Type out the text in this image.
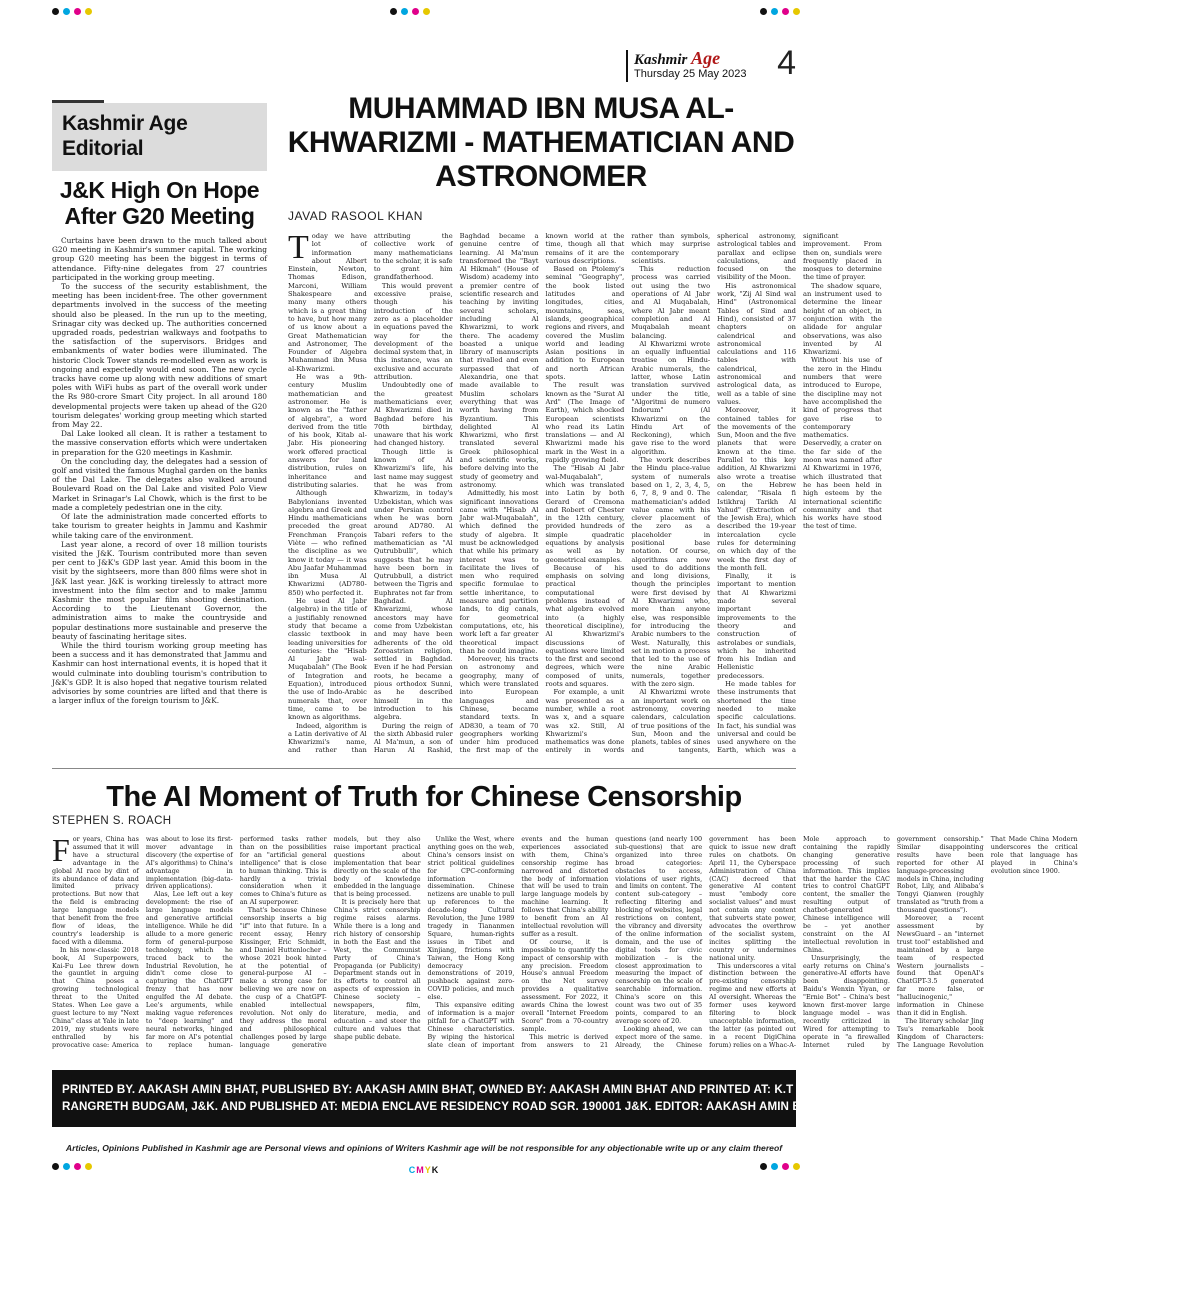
Kashmir Age
Thursday 25 May 2023 4
Kashmir Age Editorial
J&K High On Hope After G20 Meeting

Curtains have been drawn to the much talked about G20 meeting in Kashmir's summer capital. The working group G20 meeting has been the biggest in terms of attendance. Fifty-nine delegates from 27 countries participated in the working group meeting.

To the success of the security establishment, the meeting has been incident-free. The other government departments involved in the success of the meeting should also be pleased. In the run up to the meeting, Srinagar city was decked up. The authorities concerned upgraded roads, pedestrian walkways and footpaths to the satisfaction of the supervisors. Bridges and embankments of water bodies were illuminated. The historic Clock Tower stands re-modelled even as work is ongoing and expectedly would end soon. The new cycle tracks have come up along with new additions of smart poles with WiFi hubs as part of the overall work under the Rs 980-crore Smart City project. In all around 180 developmental projects were taken up ahead of the G20 tourism delegates' working group meeting which started from May 22.

Dal Lake looked all clean. It is rather a testament to the massive conservation efforts which were undertaken in preparation for the G20 meetings in Kashmir.

On the concluding day, the delegates had a session of golf and visited the famous Mughal garden on the banks of the Dal Lake. The delegates also walked around Boulevard Road on the Dal Lake and visited Polo View Market in Srinagar's Lal Chowk, which is the first to be made a completely pedestrian one in the city.

Of late the administration made concerted efforts to take tourism to greater heights in Jammu and Kashmir while taking care of the environment.

Last year alone, a record of over 18 million tourists visited the J&K. Tourism contributed more than seven per cent to J&K's GDP last year. Amid this boom in the visit by the sightseers, more than 800 films were shot in J&K last year. J&K is working tirelessly to attract more investment into the film sector and to make Jammu Kashmir the most popular film shooting destination. According to the Lieutenant Governor, the administration aims to make the countryside and popular destinations more sustainable and preserve the beauty of fascinating heritage sites.

While the third tourism working group meeting has been a success and it has demonstrated that Jammu and Kashmir can host international events, it is hoped that it would culminate into doubling tourism's contribution to J&K's GDP. It is also hoped that negative tourism related advisories by some countries are lifted and that there is a larger influx of the foreign tourism to J&K.

MUHAMMAD IBN MUSA AL-KHWARIZMI - MATHEMATICIAN AND ASTRONOMER
JAVAD RASOOL KHAN

Today we have lot of information about Albert Einstein, Newton, Thomas Edison, Marconi, William Shakespeare and many many others which is a great thing to have, but how many of us know about a Great Mathematician and Astronomer, The Founder of Algebra Muhammad ibn Musa al-Khwarizmi.

He was a 9th-century Muslim mathematician and astronomer. He is known as the "father of algebra", a word derived from the title of his book, Kitab al-Jabr. His pioneering work offered practical answers for land distribution, rules on inheritance and distributing salaries.

Although Babylonians invented algebra and Greek and Hindu mathematicians preceded the great Frenchman François Viète — who refined the discipline as we know it today — it was Abu Jaafar Muhammad ibn Musa Al Khwarizmi (AD780-850) who perfected it.

He used Al Jabr (algebra) in the title of a justifiably renowned study that became a classic textbook in leading universities for centuries: the "Hisab Al Jabr wal-Muqabalah" (The Book of Integration and Equation), introduced the use of Indo-Arabic numerals that, over time, came to be known as algorithms.

Indeed, algorithm is a Latin derivative of Al Khwarizmi's name, and rather than attributing the collective work of many mathematicians to the scholar, it is safe to grant him grandfatherhood.

This would prevent excessive praise, though his introduction of the zero as a placeholder in equations paved the way for the development of the decimal system that, in this instance, was an exclusive and accurate attribution.

Undoubtedly one of the greatest mathematicians ever, Al Khwarizmi died in Baghdad before his 70th birthday, unaware that his work had changed history.

Though little is known of Al Khwarizmi's life, his last name may suggest that he was from Khwarizm, in today's Uzbekistan, which was under Persian control when he was born around AD780. Al Tabari refers to the mathematician as "Al Qutrubbulli", which suggests that he may have been born in Qutrubbull, a district between the Tigris and Euphrates not far from Baghdad. Al Khwarizmi, whose ancestors may have come from Uzbekistan and may have been adherents of the old Zoroastrian religion, settled in Baghdad. Even if he had Persian roots, he became a pious orthodox Sunni, as he described himself in the introduction to his algebra.

During the reign of the sixth Abbasid ruler Al Ma'mun, a son of Harun Al Rashid, Baghdad became a genuine centre of learning. Al Ma'mun transformed the "Bayt Al Hikmah" (House of Wisdom) academy into a premier centre of scientific research and teaching by inviting several scholars, including Al Khwarizmi, to work there. The academy boasted a unique library of manuscripts that rivalled and even surpassed that of Alexandria, one that made available to Muslim scholars everything that was worth having from Byzantium. This delighted Al Khwarizmi, who first translated several Greek philosophical and scientific works, before delving into the study of geometry and astronomy.

Admittedly, his most significant innovations came with "Hisab Al Jabr wal-Muqabalah", which defined the study of algebra. It must be acknowledged that while his primary interest was to facilitate the lives of men who required specific formulae to settle inheritance, to measure and partition lands, to dig canals, for geometrical computations, etc, his work left a far greater theoretical impact than he could imagine.

Moreover, his tracts on astronomy and geography, many of which were translated into European languages and Chinese, became standard texts. In AD830, a team of 70 geographers working under him produced the first map of the known world at the time, though all that remains of it are the various descriptions.

Based on Ptolemy's seminal "Geography", the book listed latitudes and longitudes, cities, mountains, seas, islands, geographical regions and rivers, and covered the Muslim world and leading Asian positions in addition to European and north African spots.

The result was known as the "Surat Al Ard" (The Image of Earth), which shocked European scientists who read its Latin translations — and Al Khwarizmi made his mark in the West in a rapidly growing field.

The "Hisab Al Jabr wal-Muqabalah", which was translated into Latin by both Gerard of Cremona and Robert of Chester in the 12th century, provided hundreds of simple quadratic equations by analysis as well as by geometrical examples.

Because of his emphasis on solving practical computational problems instead of what algebra evolved into (a highly theoretical discipline), Al Khwarizmi's discussions of equations were limited to the first and second degrees, which were composed of units, roots and squares.

For example, a unit was presented as a number, while a root was x, and a square was x2. Still, Al Khwarizmi's mathematics was done entirely in words rather than symbols, which may surprise contemporary scientists.

This reduction process was carried out using the two operations of Al Jabr and Al Muqabalah, where Al Jabr meant completion and Al Muqabalah meant balancing.

Al Khwarizmi wrote an equally influential treatise on Hindu-Arabic numerals, the latter, whose Latin translation survived under the title, "Algoritmi de numero Indorum" (Al Khwarizmi on the Hindu Art of Reckoning), which gave rise to the word algorithm.

The work describes the Hindu place-value system of numerals based on 1, 2, 3, 4, 5, 6, 7, 8, 9 and 0. The mathematician's added value came with his clever placement of the zero as a placeholder in positional base notation. Of course, algorithms are now used to do additions and long divisions, though the principles were first devised by Al Khwarizmi who, more than anyone else, was responsible for introducing the Arabic numbers to the West. Naturally, this set in motion a process that led to the use of the nine Arabic numerals, together with the zero sign.

Al Khwarizmi wrote an important work on astronomy, covering calendars, calculation of true positions of the Sun, Moon and the planets, tables of sines and tangents, spherical astronomy, astrological tables and parallax and eclipse calculations, and focused on the visibility of the Moon.

His astronomical work, "Zij Al Sind wal Hind" (Astronomical Tables of Sind and Hind), consisted of 37 chapters on calendrical and astronomical calculations and 116 tables with calendrical, astronomical and astrological data, as well as a table of sine values.

Moreover, it contained tables for the movements of the Sun, Moon and the five planets that were known at the time. Parallel to this key addition, Al Khwarizmi also wrote a treatise on the Hebrew calendar, "Risala fi Istikhraj Tarikh Al Yahud" (Extraction of the Jewish Era), which described the 19-year intercalation cycle rules for determining on which day of the week the first day of the month fell.

Finally, it is important to mention that Al Khwarizmi made several important improvements to the theory and construction of astrolabes or sundials, which he inherited from his Indian and Hellenistic predecessors.

He made tables for these instruments that shortened the time needed to make specific calculations. In fact, his sundial was universal and could be used anywhere on the Earth, which was a significant improvement. From then on, sundials were frequently placed in mosques to determine the time of prayer.

The shadow square, an instrument used to determine the linear height of an object, in conjunction with the alidade for angular observations, was also invented by Al Khwarizmi.

Without his use of the zero in the Hindu numbers that were introduced to Europe, the discipline may not have accomplished the kind of progress that gave rise to contemporary mathematics. Deservedly, a crater on the far side of the moon was named after Al Khwarizmi in 1976, which illustrated that he has been held in high esteem by the international scientific community and that his works have stood the test of time.

The AI Moment of Truth for Chinese Censorship
STEPHEN S. ROACH

For years, China has assumed that it will have a structural advantage in the global AI race by dint of its abundance of data and limited privacy protections. But now that the field is embracing large language models that benefit from the free flow of ideas, the country's leadership is faced with a dilemma.

In his now-classic 2018 book, AI Superpowers, Kai-Fu Lee threw down the gauntlet in arguing that China poses a growing technological threat to the United States. When Lee gave a guest lecture to my "Next China" class at Yale in late 2019, my students were enthralled by his provocative case: America was about to lose its first-mover advantage in discovery (the expertise of AI's algorithms) to China's advantage in implementation (big-data-driven applications).

Alas, Lee left out a key development: the rise of large language models and generative artificial intelligence. While he did allude to a more generic form of general-purpose technology, which he traced back to the Industrial Revolution, he didn't come close to capturing the ChatGPT frenzy that has now engulfed the AI debate. Lee's arguments, while making vague references to "deep learning" and neural networks, hinged far more on AI's potential to replace human-performed tasks rather than on the possibilities for an "artificial general intelligence" that is close to human thinking. This is hardly a trivial consideration when it comes to China's future as an AI superpower.

That's because Chinese censorship inserts a big "if" into that future. In a recent essay, Henry Kissinger, Eric Schmidt, and Daniel Huttenlocher – whose 2021 book hinted at the potential of general-purpose AI – make a strong case for believing we are now on the cusp of a ChatGPT-enabled intellectual revolution. Not only do they address the moral and philosophical challenges posed by large language generative models, but they also raise important practical questions about implementation that bear directly on the scale of the body of knowledge embedded in the language that is being processed.

It is precisely here that China's strict censorship regime raises alarms. While there is a long and rich history of censorship in both the East and the West, the Communist Party of China's Propaganda (or Publicity) Department stands out in its efforts to control all aspects of expression in Chinese society – newspapers, film, literature, media, and education – and steer the culture and values that shape public debate.

Unlike the West, where anything goes on the web, China's censors insist on strict political guidelines for CPC-conforming information dissemination. Chinese netizens are unable to pull up references to the decade-long Cultural Revolution, the June 1989 tragedy in Tiananmen Square, human-rights issues in Tibet and Xinjiang, frictions with Taiwan, the Hong Kong democracy demonstrations of 2019, pushback against zero-COVID policies, and much else.

This expansive editing of information is a major pitfall for a ChatGPT with Chinese characteristics. By wiping the historical slate clean of important events and the human experiences associated with them, China's censorship regime has narrowed and distorted the body of information that will be used to train large language models by machine learning. It follows that China's ability to benefit from an AI intellectual revolution will suffer as a result.

Of course, it is impossible to quantify the impact of censorship with any precision. Freedom House's annual Freedom on the Net survey provides a qualitative assessment. For 2022, it awards China the lowest overall "Internet Freedom Score" from a 70-country sample.

This metric is derived from answers to 21 questions (and nearly 100 sub-questions) that are organized into three broad categories: obstacles to access, violations of user rights, and limits on content. The content sub-category – reflecting filtering and blocking of websites, legal restrictions on content, the vibrancy and diversity of the online information domain, and the use of digital tools for civic mobilization – is the closest approximation to measuring the impact of censorship on the scale of searchable information. China's score on this count was two out of 35 points, compared to an average score of 20.

Looking ahead, we can expect more of the same. Already, the Chinese government has been quick to issue new draft rules on chatbots. On April 11, the Cyberspace Administration of China (CAC) decreed that generative AI content must "embody core socialist values" and must not contain any content that subverts state power, advocates the overthrow of the socialist system, incites splitting the country or undermines national unity.

This underscores a vital distinction between the pre-existing censorship regime and new efforts at AI oversight. Whereas the former uses keyword filtering to block unacceptable information, the latter (as pointed out in a recent DigiChina forum) relies on a Whac-A-Mole approach to containing the rapidly changing generative processing of such information. This implies that the harder the CAC tries to control ChatGPT content, the smaller the resulting output of chatbot-generated Chinese intelligence will be – yet another constraint on the AI intellectual revolution in China.

Unsurprisingly, the early returns on China's generative-AI efforts have been disappointing. Baidu's Wenxin Yiyan, or "Ernie Bot" – China's best known first-mover large language model – was recently criticized in Wired for attempting to operate in "a firewalled Internet ruled by government censorship." Similar disappointing results have been reported for other AI language-processing models in China, including Robot, Lily, and Alibaba's Tongyi Qianwen (roughly translated as "truth from a thousand questions").

Moreover, a recent assessment by NewsGuard – an "internet trust tool" established and maintained by a large team of respected Western journalists – found that OpenAI's ChatGPT-3.5 generated far more false, or "hallucinogenic," information in Chinese than it did in English.

The literary scholar Jing Tsu's remarkable book Kingdom of Characters: The Language Revolution That Made China Modern underscores the critical role that language has played in China's evolution since 1900.

PRINTED BY. AAKASH AMIN BHAT, PUBLISHED BY: AAKASH AMIN BHAT, OWNED BY: AAKASH AMIN BHAT AND PRINTED AT: K.T PRESS PVT. LTD.120- ELECTRONIC COMPLEX INDUSTRIAL ESTATE
RANGRETH BUDGAM, J&K. AND PUBLISHED AT: MEDIA ENCLAVE RESIDENCY ROAD SGR. 190001 J&K. EDITOR: AAKASH AMIN BHAT, JKENG/2006/23952
Articles, Opinions Published in Kashmir age are Personal views and opinions of Writers Kashmir age will be not responsible for any objectionable write up or any claim thereof
CMYK
